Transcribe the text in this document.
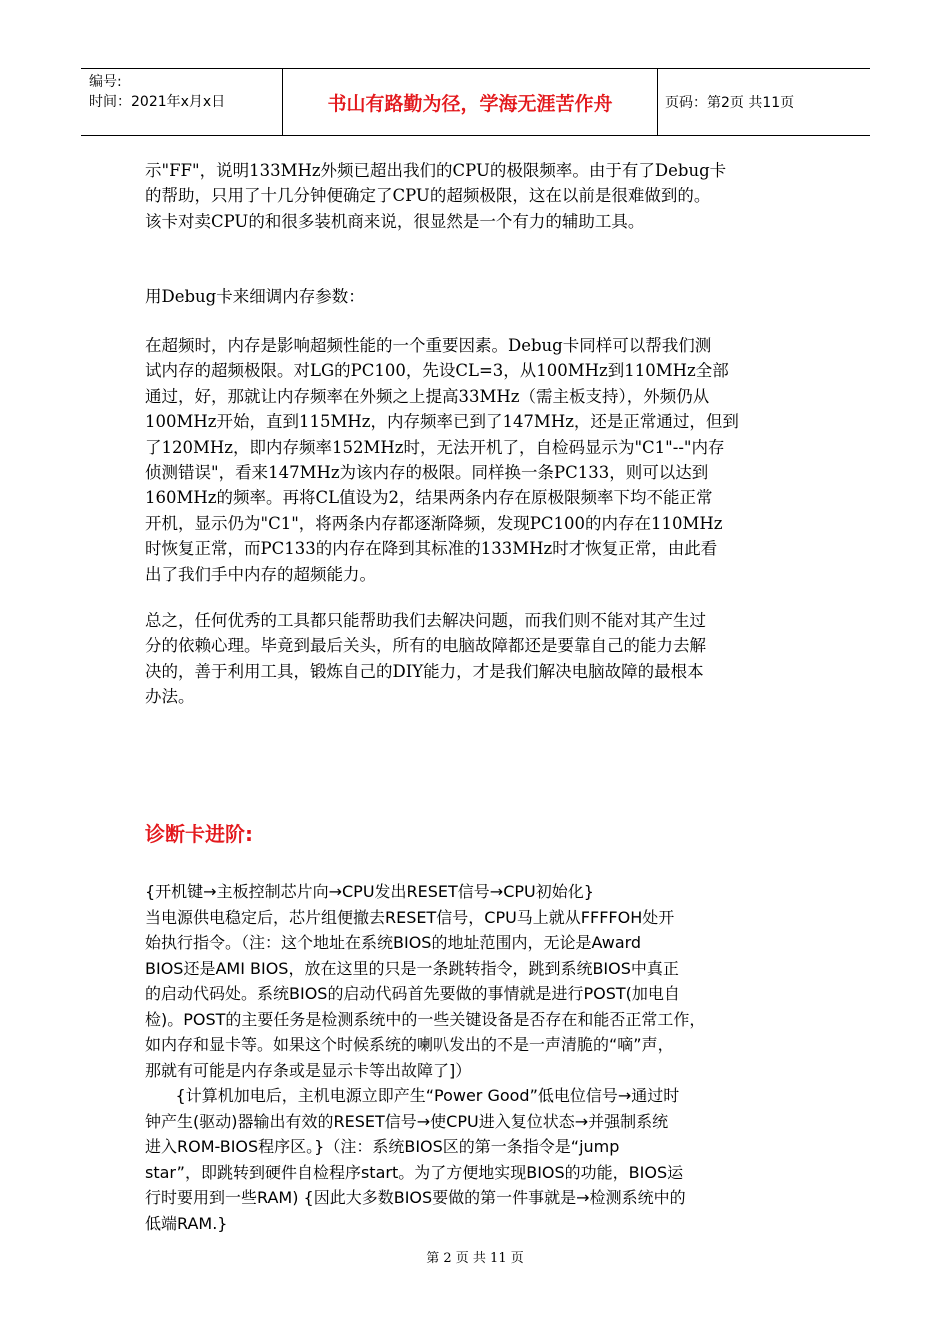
编号:
时间：2021年x月x日	书山有路勤为径，学海无涯苦作舟	页码：第2页 共11页
示"FF"，说明133MHz外频已超出我们的CPU的极限频率。由于有了Debug卡
的帮助，只用了十几分钟便确定了CPU的超频极限，这在以前是很难做到的。
该卡对卖CPU的和很多装机商来说，很显然是一个有力的辅助工具。
用Debug卡来细调内存参数：
在超频时，内存是影响超频性能的一个重要因素。Debug卡同样可以帮我们测
试内存的超频极限。对LG的PC100，先设CL=3，从100MHz到110MHz全部
通过，好，那就让内存频率在外频之上提高33MHz（需主板支持），外频仍从
100MHz开始，直到115MHz，内存频率已到了147MHz，还是正常通过，但到
了120MHz，即内存频率152MHz时，无法开机了，自检码显示为"C1"--"内存
侦测错误"，看来147MHz为该内存的极限。同样换一条PC133，则可以达到
160MHz的频率。再将CL值设为2，结果两条内存在原极限频率下均不能正常
开机，显示仍为"C1"，将两条内存都逐渐降频，发现PC100的内存在110MHz
时恢复正常，而PC133的内存在降到其标准的133MHz时才恢复正常，由此看
出了我们手中内存的超频能力。
总之，任何优秀的工具都只能帮助我们去解决问题，而我们则不能对其产生过
分的依赖心理。毕竟到最后关头，所有的电脑故障都还是要靠自己的能力去解
决的，善于利用工具，锻炼自己的DIY能力，才是我们解决电脑故障的最根本
办法。
诊断卡进阶:
{开机键→主板控制芯片向→CPU发出RESET信号→CPU初始化}
当电源供电稳定后，芯片组便撤去RESET信号，CPU马上就从FFFFOH处开
始执行指令。（注：这个地址在系统BIOS的地址范围内，无论是Award
BIOS还是AMI BIOS，放在这里的只是一条跳转指令，跳到系统BIOS中真正
的启动代码处。系统BIOS的启动代码首先要做的事情就是进行POST(加电自
检)。POST的主要任务是检测系统中的一些关键设备是否存在和能否正常工作，
如内存和显卡等。如果这个时候系统的喇叭发出的不是一声清脆的“嘀”声，
那就有可能是内存条或是显示卡等出故障了]）
{计算机加电后，主机电源立即产生“Power Good”低电位信号→通过时
钟产生(驱动)器输出有效的RESET信号→使CPU进入复位状态→并强制系统
进入ROM-BIOS程序区。}（注：系统BIOS区的第一条指令是“jump
star”，即跳转到硬件自检程序start。为了方便地实现BIOS的功能，BIOS运
行时要用到一些RAM) {因此大多数BIOS要做的第一件事就是→检测系统中的
低端RAM.}
第 2 页 共 11 页
